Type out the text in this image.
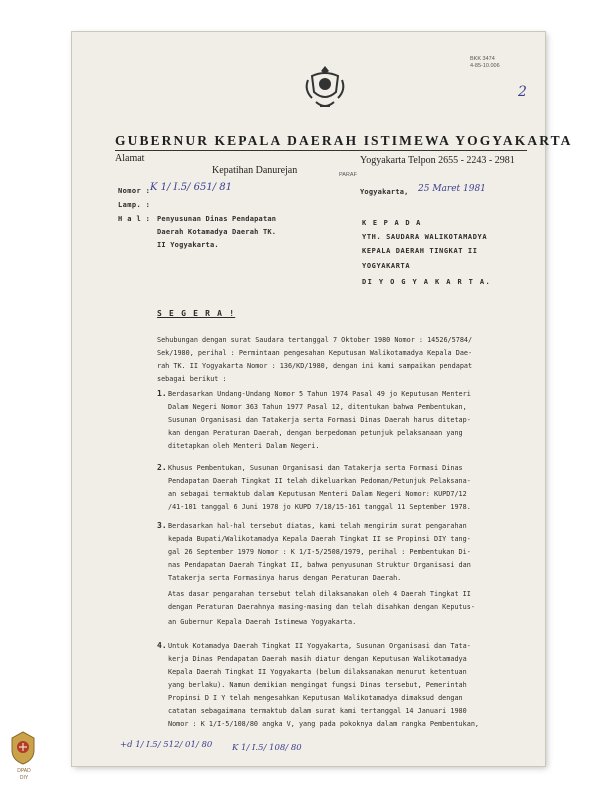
BKK 3474
4-85-10.006
2
GUBERNUR KEPALA DAERAH ISTIMEWA YOGYAKARTA
Alamat
Kepatihan Danurejan
Yogyakarta Telpon 2655 - 2243 - 2981
Nomor : K 1/ I.5/ 651/ 81
PARAF
Lamp. :
H a l : Penyusunan Dinas Pendapatan
Daerah Kotamadya Daerah TK.
II Yogyakarta.
Yogyakarta, 25 Maret 1981
K E P A D A
YTH. SAUDARA WALIKOTAMADYA
KEPALA DAERAH TINGKAT II
YOGYAKARTA
DI Y O G Y A K A R T A.
S E G E R A !
Sehubungan dengan surat Saudara tertanggal 7 Oktober 1980 Nomor : 14526/5784/
Sek/1980, perihal : Permintaan pengesahan Keputusan Walikotamadya Kepala Dae-
rah TK. II Yogyakarta Nomor : 136/KD/1980, dengan ini kami sampaikan pendapat
sebagai berikut :
1. Berdasarkan Undang-Undang Nomor 5 Tahun 1974 Pasal 49 jo Keputusan Menteri
Dalam Negeri Nomor 363 Tahun 1977 Pasal 12, ditentukan bahwa Pembentukan,
Susunan Organisasi dan Tatakerja serta Formasi Dinas Daerah harus ditetap-
kan dengan Peraturan Daerah, dengan berpedoman petunjuk pelaksanaan yang
ditetapkan oleh Menteri Dalam Negeri.
2. Khusus Pembentukan, Susunan Organisasi dan Tatakerja serta Formasi Dinas
Pendapatan Daerah Tingkat II telah dikeluarkan Pedoman/Petunjuk Pelaksana-
an sebagai termaktub dalam Keputusan Menteri Dalam Negeri Nomor: KUPD7/12
/41-101 tanggal 6 Juni 1978 jo KUPD 7/18/15-161 tanggal 11 September 1978.
3. Berdasarkan hal-hal tersebut diatas, kami telah mengirim surat pengarahan
kepada Bupati/Walikotamadya Kepala Daerah Tingkat II se Propinsi DIY tang-
gal 26 September 1979 Nomor : K 1/I-5/2508/1979, perihal : Pembentukan Di-
nas Pendapatan Daerah Tingkat II, bahwa penyusunan Struktur Organisasi dan
Tatakerja serta Formasinya harus dengan Peraturan Daerah.
Atas dasar pengarahan tersebut telah dilaksanakan oleh 4 Daerah Tingkat II
dengan Peraturan Daerahnya masing-masing dan telah disahkan dengan Keputus-
an Gubernur Kepala Daerah Istimewa Yogyakarta.
4. Untuk Kotamadya Daerah Tingkat II Yogyakarta, Susunan Organisasi dan Tata-
kerja Dinas Pendapatan Daerah masih diatur dengan Keputusan Walikotamadya
Kepala Daerah Tingkat II Yogyakarta (belum dilaksanakan menurut ketentuan
yang berlaku). Namun demikian mengingat fungsi Dinas tersebut, Pemerintah
Propinsi D I Y telah mengesahkan Keputusan Walikotamadya dimaksud dengan
catatan sebagaimana termaktub dalam surat kami tertanggal 14 Januari 1980
Nomor : K 1/I-5/108/80 angka V, yang pada pokoknya dalam rangka Pembentukan,
+d 1/ I.5/ 512/ 01/ 80 K 1/ I.5/ 108/ 80
DPAD
DIY
